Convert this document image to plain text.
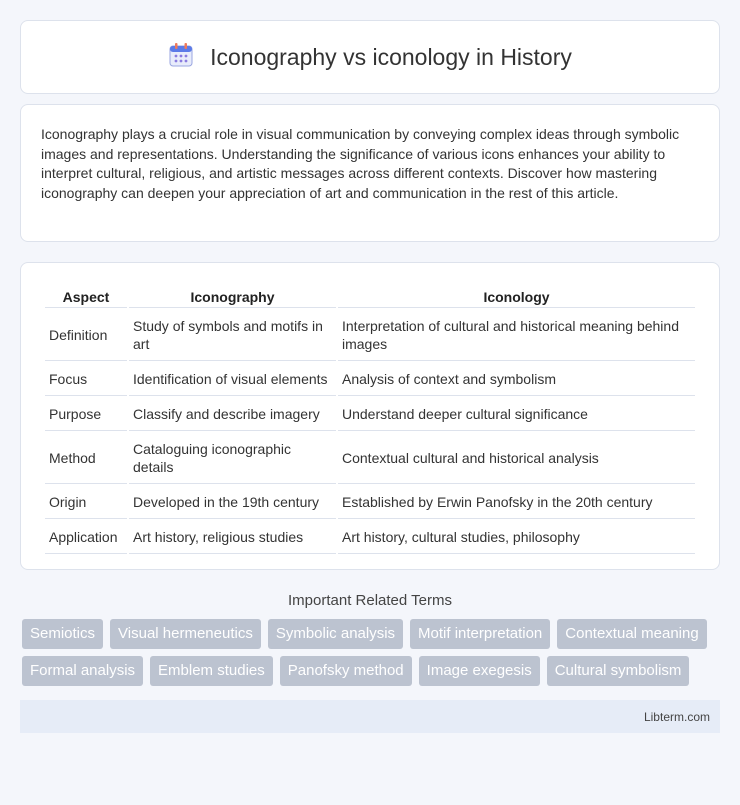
Iconography vs iconology in History

Iconography plays a crucial role in visual communication by conveying complex ideas through symbolic images and representations. Understanding the significance of various icons enhances your ability to interpret cultural, religious, and artistic messages across different contexts. Discover how mastering iconography can deepen your appreciation of art and communication in the rest of this article.

Aspect	Iconography	Iconology
Definition	Study of symbols and motifs in art	Interpretation of cultural and historical meaning behind images
Focus	Identification of visual elements	Analysis of context and symbolism
Purpose	Classify and describe imagery	Understand deeper cultural significance
Method	Cataloguing iconographic details	Contextual cultural and historical analysis
Origin	Developed in the 19th century	Established by Erwin Panofsky in the 20th century
Application	Art history, religious studies	Art history, cultural studies, philosophy
Important Related Terms
Semiotics	Visual hermeneutics	Symbolic analysis	Motif interpretation	Contextual meaning
Formal analysis	Emblem studies	Panofsky method	Image exegesis	Cultural symbolism
Libterm.com
